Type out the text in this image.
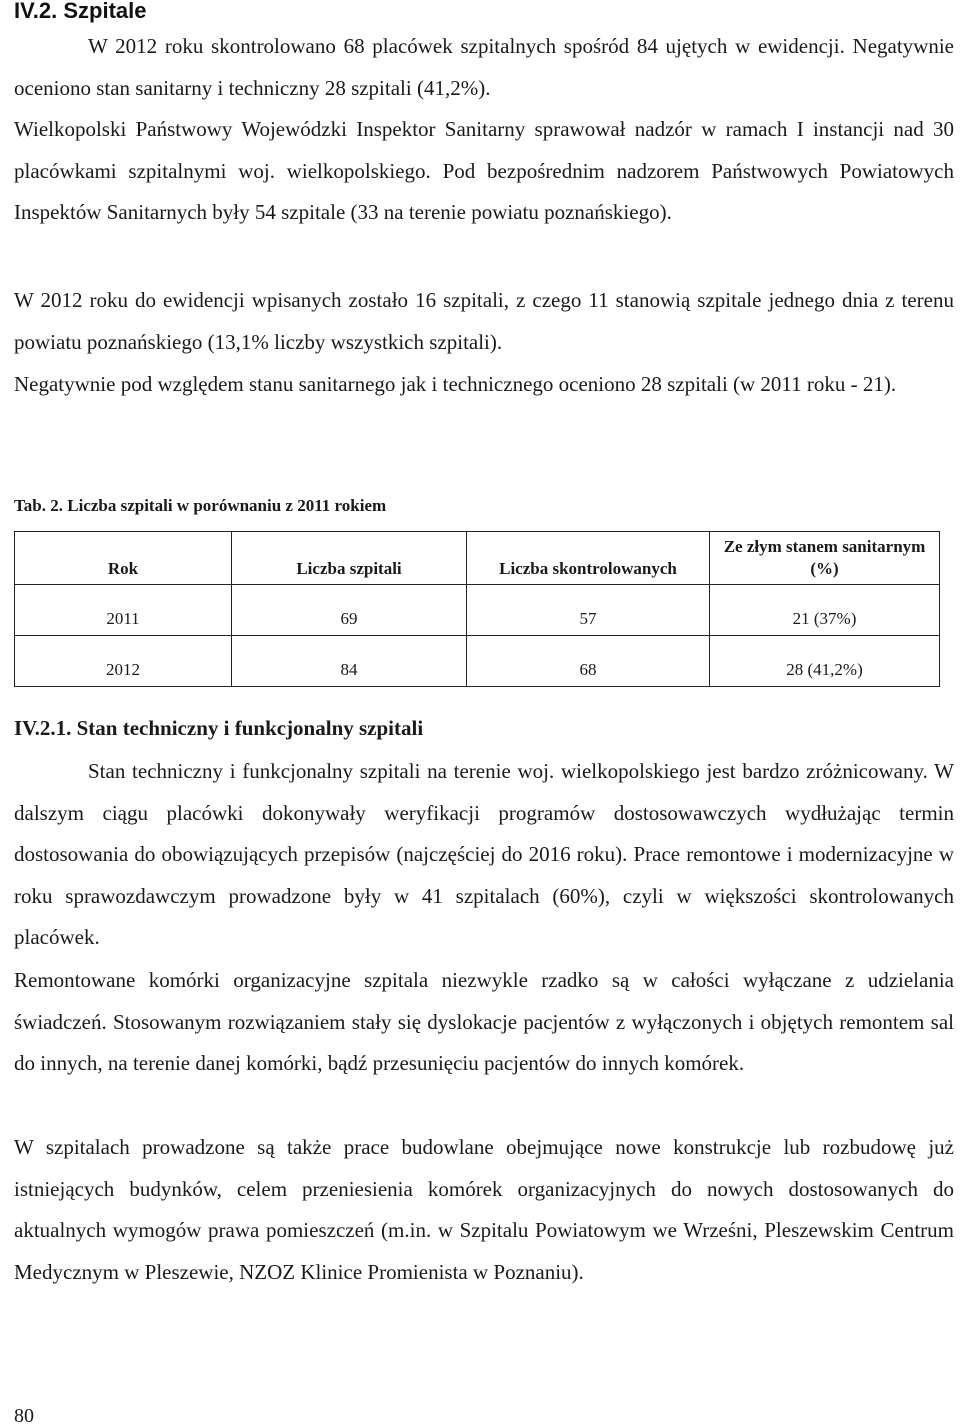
IV.2. Szpitale

W 2012 roku skontrolowano 68 placówek szpitalnych spośród 84 ujętych w ewidencji. Negatywnie oceniono stan sanitarny i techniczny 28 szpitali (41,2%).

Wielkopolski Państwowy Wojewódzki Inspektor Sanitarny sprawował nadzór w ramach I instancji nad 30 placówkami szpitalnymi woj. wielkopolskiego. Pod bezpośrednim nadzorem Państwowych Powiatowych Inspektów Sanitarnych były 54 szpitale (33 na terenie powiatu poznańskiego).

W 2012 roku do ewidencji wpisanych zostało 16 szpitali, z czego 11 stanowią szpitale jednego dnia z terenu powiatu poznańskiego (13,1% liczby wszystkich szpitali).

Negatywnie pod względem stanu sanitarnego jak i technicznego oceniono 28 szpitali (w 2011 roku - 21).

Tab. 2. Liczba szpitali w porównaniu z 2011 rokiem
Rok	Liczba szpitali	Liczba skontrolowanych	Ze złym stanem sanitarnym (%)
2011	69	57	21 (37%)
2012	84	68	28 (41,2%)
IV.2.1. Stan techniczny i funkcjonalny szpitali

Stan techniczny i funkcjonalny szpitali na terenie woj. wielkopolskiego jest bardzo zróżnicowany. W dalszym ciągu placówki dokonywały weryfikacji programów dostosowawczych wydłużając termin dostosowania do obowiązujących przepisów (najczęściej do 2016 roku). Prace remontowe i modernizacyjne w roku sprawozdawczym prowadzone były w 41 szpitalach (60%), czyli w większości skontrolowanych placówek.

Remontowane komórki organizacyjne szpitala niezwykle rzadko są w całości wyłączane z udzielania świadczeń. Stosowanym rozwiązaniem stały się dyslokacje pacjentów z wyłączonych i objętych remontem sal do innych, na terenie danej komórki, bądź przesunięciu pacjentów do innych komórek.

W szpitalach prowadzone są także prace budowlane obejmujące nowe konstrukcje lub rozbudowę już istniejących budynków, celem przeniesienia komórek organizacyjnych do nowych dostosowanych do aktualnych wymogów prawa pomieszczeń (m.in. w Szpitalu Powiatowym we Wrześni, Pleszewskim Centrum Medycznym w Pleszewie, NZOZ Klinice Promienista w Poznaniu).

80
